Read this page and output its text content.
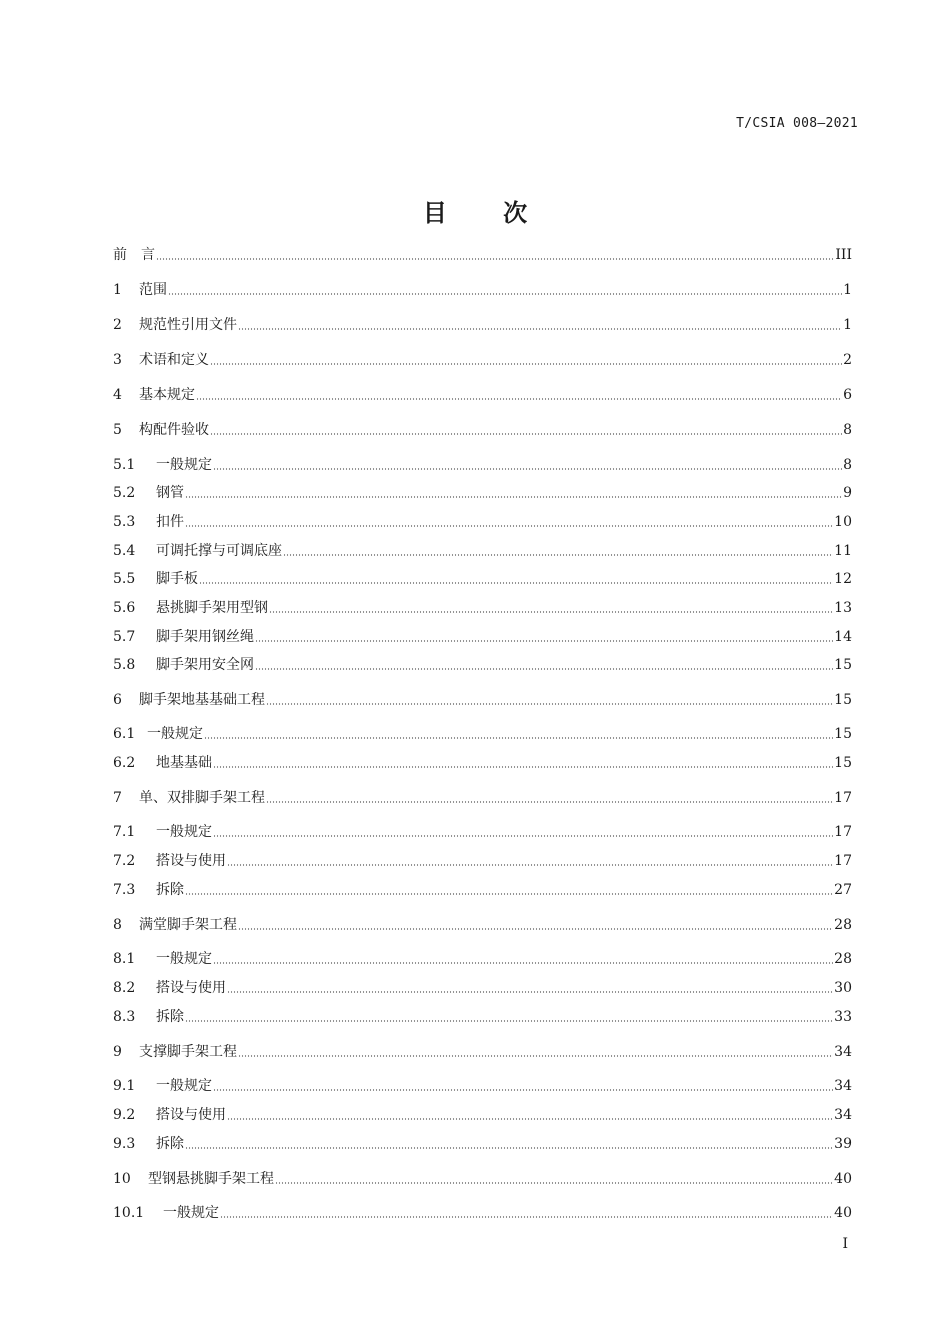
T/CSIA 008—2021
目 次
前　言	III
1	范围	1
2	规范性引用文件	1
3	术语和定义	2
4	基本规定	6
5	构配件验收	8
5.1	一般规定	8
5.2	钢管	9
5.3	扣件	10
5.4	可调托撑与可调底座	11
5.5	脚手板	12
5.6	悬挑脚手架用型钢	13
5.7	脚手架用钢丝绳	14
5.8	脚手架用安全网	15
6	脚手架地基基础工程	15
6.1 一般规定	15
6.2	地基基础	15
7	单、双排脚手架工程	17
7.1	一般规定	17
7.2	搭设与使用	17
7.3	拆除	27
8	满堂脚手架工程	28
8.1	一般规定	28
8.2	搭设与使用	30
8.3	拆除	33
9	支撑脚手架工程	34
9.1	一般规定	34
9.2	搭设与使用	34
9.3	拆除	39
10	型钢悬挑脚手架工程	40
10.1	一般规定	40
I
